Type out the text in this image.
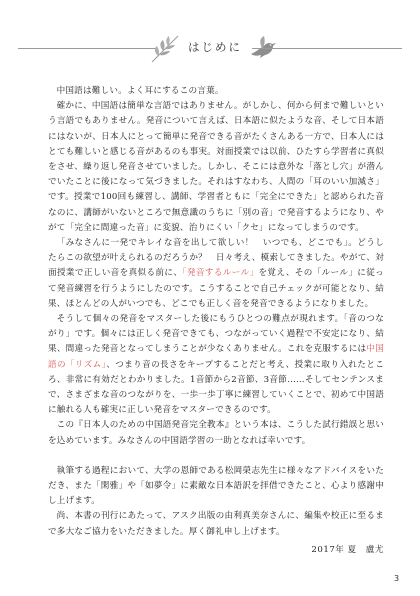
はじめに

中国語は難しい。よく耳にするこの言葉。

確かに、中国語は簡単な言語ではありません。がしかし、何から何まで難しいという言語でもありません。発音について言えば、日本語に似たような音、そして日本語にはないが、日本人にとって簡単に発音できる音がたくさんある一方で、日本人にはとても難しいと感じる音があるのも事実。対面授業では以前、ひたすら学習者に真似をさせ、繰り返し発音させていました。しかし、そこには意外な「落とし穴」が潜んでいたことに後になって気づきました。それはすなわち、人間の「耳のいい加減さ」です。授業で100回も練習し、講師、学習者ともに「完全にできた」と認められた音なのに、講師がいないところで無意識のうちに「別の音」で発音するようになり、やがて「完全に間違った音」に変貌、治りにくい「クセ」になってしまうのです。

「みなさんに一発でキレイな音を出して欲しい！　いつでも、どこでも」。どうしたらこの欲望が叶えられるのだろうか？　日々考え、模索してきました。やがて、対面授業で正しい音を真似る前に、「発音するルール」を覚え、その「ルール」に従って発音練習を行うようにしたのです。こうすることで自己チェックが可能となり、結果、ほとんどの人がいつでも、どこでも正しく音を発音できるようになりました。

そうして個々の発音をマスターした後にもうひとつの難点が現れます。「音のつながり」です。個々には正しく発音できても、つながっていく過程で不安定になり、結果、間違った発音となってしまうことが少なくありません。これを克服するには中国語の「リズム」、つまり音の長さをキープすることだと考え、授業に取り入れたところ、非常に有効だとわかりました。1音節から2音節、3音節……そしてセンテンスまで、さまざまな音のつながりを、一歩一歩丁寧に練習していくことで、初めて中国語に触れる人も確実に正しい発音をマスターできるのです。

この『日本人のための中国語発音完全教本』という本は、こうした試行錯誤と思いを込めています。みなさんの中国語学習の一助となれば幸いです。

執筆する過程において、大学の恩師である松岡榮志先生に様々なアドバイスをいただき、また「閑雅」や「如夢令」に素敵な日本語訳を拝借できたこと、心より感謝申し上げます。

尚、本書の刊行にあたって、アスク出版の由利真美奈さんに、編集や校正に至るまで多大なご協力をいただきました。厚く御礼申し上げます。

2017年 夏　盧尤
3
